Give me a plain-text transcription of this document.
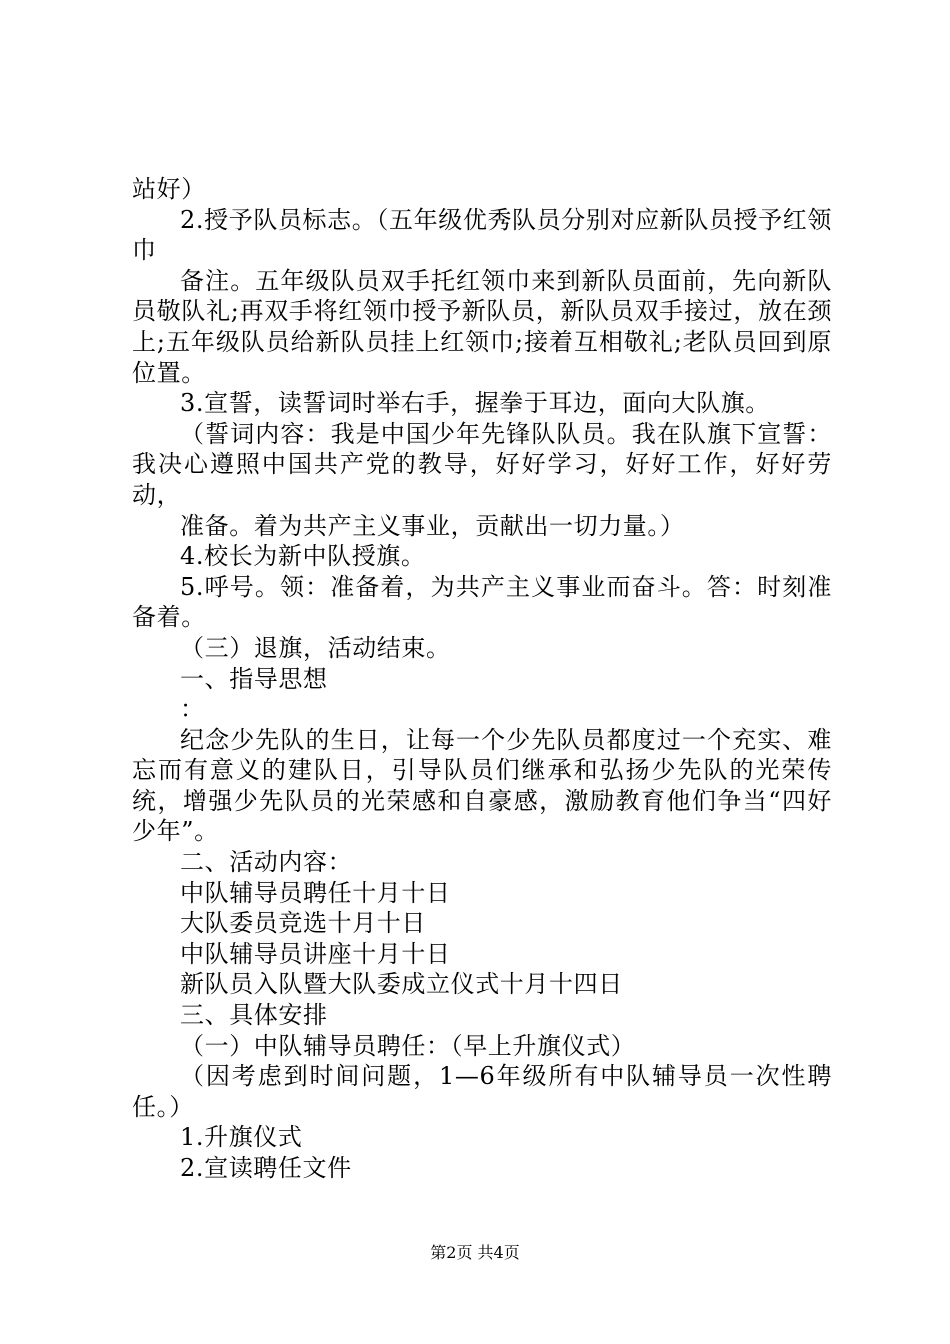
站好）

2.授予队员标志。（五年级优秀队员分别对应新队员授予红领巾

备注。五年级队员双手托红领巾来到新队员面前，先向新队员敬队礼;再双手将红领巾授予新队员，新队员双手接过，放在颈上;五年级队员给新队员挂上红领巾;接着互相敬礼;老队员回到原位置。

3.宣誓，读誓词时举右手，握拳于耳边，面向大队旗。

（誓词内容：我是中国少年先锋队队员。我在队旗下宣誓：我决心遵照中国共产党的教导，好好学习，好好工作，好好劳动，

准备。着为共产主义事业，贡献出一切力量。）

4.校长为新中队授旗。

5.呼号。领：准备着，为共产主义事业而奋斗。答：时刻准备着。

（三）退旗，活动结束。

一、指导思想

：

纪念少先队的生日，让每一个少先队员都度过一个充实、难忘而有意义的建队日，引导队员们继承和弘扬少先队的光荣传统，增强少先队员的光荣感和自豪感，激励教育他们争当“四好少年”。

二、活动内容：

中队辅导员聘任十月十日

大队委员竞选十月十日

中队辅导员讲座十月十日

新队员入队暨大队委成立仪式十月十四日

三、具体安排

（一）中队辅导员聘任：（早上升旗仪式）

（因考虑到时间问题，1—6年级所有中队辅导员一次性聘任。）

1.升旗仪式

2.宣读聘任文件

第2页 共4页
